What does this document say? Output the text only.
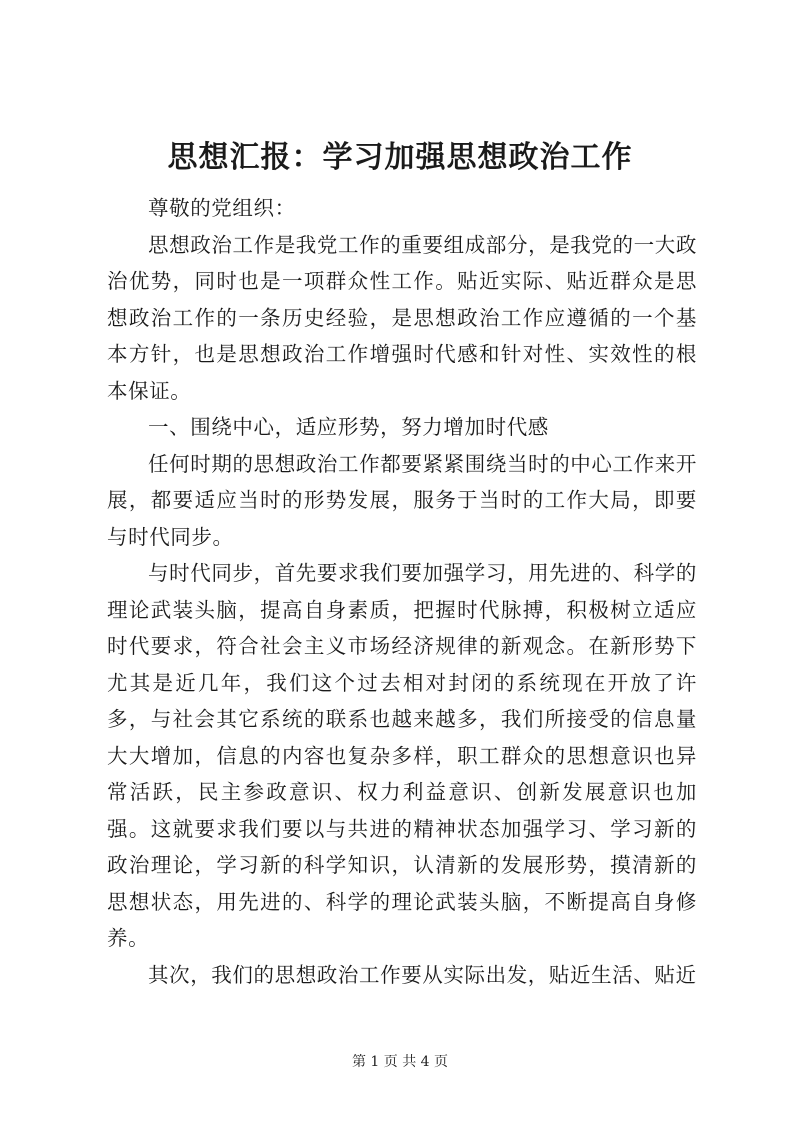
思想汇报：学习加强思想政治工作

尊敬的党组织：

思想政治工作是我党工作的重要组成部分，是我党的一大政治优势，同时也是一项群众性工作。贴近实际、贴近群众是思想政治工作的一条历史经验，是思想政治工作应遵循的一个基本方针，也是思想政治工作增强时代感和针对性、实效性的根本保证。

一、围绕中心，适应形势，努力增加时代感

任何时期的思想政治工作都要紧紧围绕当时的中心工作来开展，都要适应当时的形势发展，服务于当时的工作大局，即要与时代同步。

与时代同步，首先要求我们要加强学习，用先进的、科学的理论武装头脑，提高自身素质，把握时代脉搏，积极树立适应时代要求，符合社会主义市场经济规律的新观念。在新形势下尤其是近几年，我们这个过去相对封闭的系统现在开放了许多，与社会其它系统的联系也越来越多，我们所接受的信息量大大增加，信息的内容也复杂多样，职工群众的思想意识也异常活跃，民主参政意识、权力利益意识、创新发展意识也加强。这就要求我们要以与共进的精神状态加强学习、学习新的政治理论，学习新的科学知识，认清新的发展形势，摸清新的思想状态，用先进的、科学的理论武装头脑，不断提高自身修养。

其次，我们的思想政治工作要从实际出发，贴近生活、贴近

第 1 页 共 4 页
